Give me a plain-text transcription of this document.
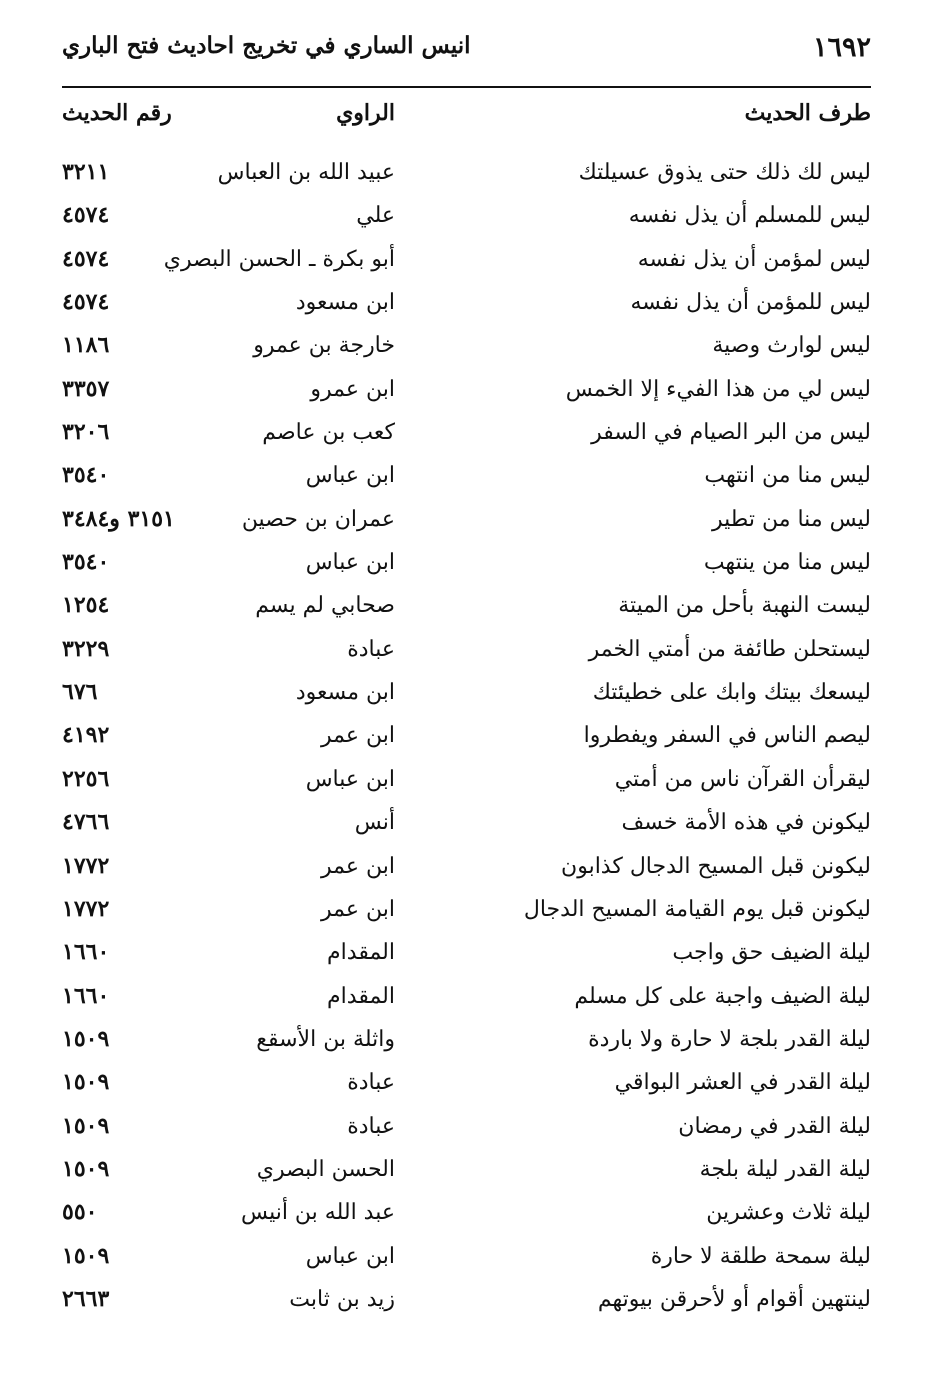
١٦٩٢
انيس الساري في تخريج احاديث فتح الباري
طرف الحديث
الراوي
رقم الحديث
ليس لك ذلك حتى يذوق عسيلتك
عبيد الله بن العباس
٣٢١١
ليس للمسلم أن يذل نفسه
علي
٤٥٧٤
ليس لمؤمن أن يذل نفسه
أبو بكرة ـ الحسن البصري
٤٥٧٤
ليس للمؤمن أن يذل نفسه
ابن مسعود
٤٥٧٤
ليس لوارث وصية
خارجة بن عمرو
١١٨٦
ليس لي من هذا الفيء إلا الخمس
ابن عمرو
٣٣٥٧
ليس من البر الصيام في السفر
كعب بن عاصم
٣٢٠٦
ليس منا من انتهب
ابن عباس
٣٥٤٠
ليس منا من تطير
عمران بن حصين
٣١٥١ و٣٤٨٤
ليس منا من ينتهب
ابن عباس
٣٥٤٠
ليست النهبة بأحل من الميتة
صحابي لم يسم
١٢٥٤
ليستحلن طائفة من أمتي الخمر
عبادة
٣٢٢٩
ليسعك بيتك وابك على خطيئتك
ابن مسعود
٦٧٦
ليصم الناس في السفر ويفطروا
ابن عمر
٤١٩٢
ليقرأن القرآن ناس من أمتي
ابن عباس
٢٢٥٦
ليكونن في هذه الأمة خسف
أنس
٤٧٦٦
ليكونن قبل المسيح الدجال كذابون
ابن عمر
١٧٧٢
ليكونن قبل يوم القيامة المسيح الدجال
ابن عمر
١٧٧٢
ليلة الضيف حق واجب
المقدام
١٦٦٠
ليلة الضيف واجبة على كل مسلم
المقدام
١٦٦٠
ليلة القدر بلجة لا حارة ولا باردة
واثلة بن الأسقع
١٥٠٩
ليلة القدر في العشر البواقي
عبادة
١٥٠٩
ليلة القدر في رمضان
عبادة
١٥٠٩
ليلة القدر ليلة بلجة
الحسن البصري
١٥٠٩
ليلة ثلاث وعشرين
عبد الله بن أنيس
٥٥٠
ليلة سمحة طلقة لا حارة
ابن عباس
١٥٠٩
لينتهين أقوام أو لأحرقن بيوتهم
زيد بن ثابت
٢٦٦٣
